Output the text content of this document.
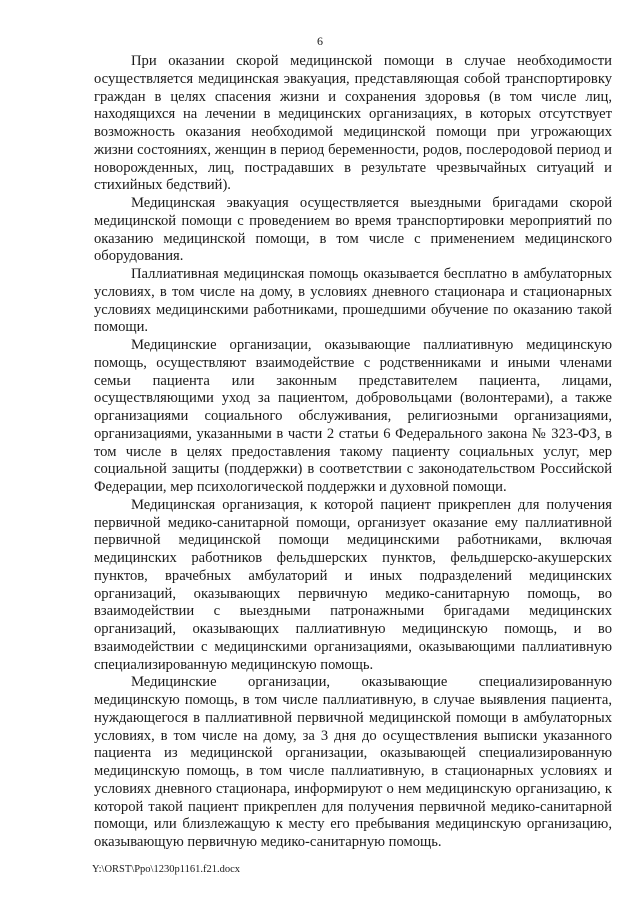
6

При оказании скорой медицинской помощи в случае необходимости осуществляется медицинская эвакуация, представляющая собой транспортировку граждан в целях спасения жизни и сохранения здоровья (в том числе лиц, находящихся на лечении в медицинских организациях, в которых отсутствует возможность оказания необходимой медицинской помощи при угрожающих жизни состояниях, женщин в период беременности, родов, послеродовой период и новорожденных, лиц, пострадавших в результате чрезвычайных ситуаций и стихийных бедствий).

Медицинская эвакуация осуществляется выездными бригадами скорой медицинской помощи с проведением во время транспортировки мероприятий по оказанию медицинской помощи, в том числе с применением медицинского оборудования.

Паллиативная медицинская помощь оказывается бесплатно в амбулаторных условиях, в том числе на дому, в условиях дневного стационара и стационарных условиях медицинскими работниками, прошедшими обучение по оказанию такой помощи.

Медицинские организации, оказывающие паллиативную медицинскую помощь, осуществляют взаимодействие с родственниками и иными членами семьи пациента или законным представителем пациента, лицами, осуществляющими уход за пациентом, добровольцами (волонтерами), а также организациями социального обслуживания, религиозными организациями, организациями, указанными в части 2 статьи 6 Федерального закона № 323-ФЗ, в том числе в целях предоставления такому пациенту социальных услуг, мер социальной защиты (поддержки) в соответствии с законодательством Российской Федерации, мер психологической поддержки и духовной помощи.

Медицинская организация, к которой пациент прикреплен для получения первичной медико-санитарной помощи, организует оказание ему паллиативной первичной медицинской помощи медицинскими работниками, включая медицинских работников фельдшерских пунктов, фельдшерско-акушерских пунктов, врачебных амбулаторий и иных подразделений медицинских организаций, оказывающих первичную медико-санитарную помощь, во взаимодействии с выездными патронажными бригадами медицинских организаций, оказывающих паллиативную медицинскую помощь, и во взаимодействии с медицинскими организациями, оказывающими паллиативную специализированную медицинскую помощь.

Медицинские организации, оказывающие специализированную медицинскую помощь, в том числе паллиативную, в случае выявления пациента, нуждающегося в паллиативной первичной медицинской помощи в амбулаторных условиях, в том числе на дому, за 3 дня до осуществления выписки указанного пациента из медицинской организации, оказывающей специализированную медицинскую помощь, в том числе паллиативную, в стационарных условиях и условиях дневного стационара, информируют о нем медицинскую организацию, к которой такой пациент прикреплен для получения первичной медико-санитарной помощи, или близлежащую к месту его пребывания медицинскую организацию, оказывающую первичную медико-санитарную помощь.

Y:\ORST\Ppo\1230p1161.f21.docx
